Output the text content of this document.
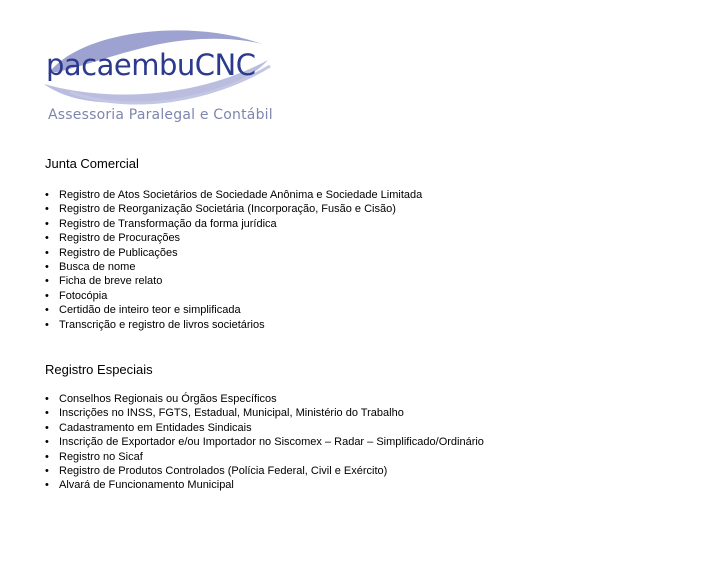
pacaembuCNC
Assessoria Paralegal e Contábil
Junta Comercial
• Registro de Atos Societários de Sociedade Anônima e Sociedade Limitada
• Registro de Reorganização Societária (Incorporação, Fusão e Cisão)
• Registro de Transformação da forma jurídica
• Registro de Procurações
• Registro de Publicações
• Busca de nome
• Ficha de breve relato
• Fotocópia
• Certidão de inteiro teor e simplificada
• Transcrição e registro de livros societários
Registro Especiais
• Conselhos Regionais ou Órgãos Específicos
• Inscrições no INSS, FGTS, Estadual, Municipal, Ministério do Trabalho
• Cadastramento em Entidades Sindicais
• Inscrição de Exportador e/ou Importador no Siscomex – Radar – Simplificado/Ordinário
• Registro no Sicaf
• Registro de Produtos Controlados (Polícia Federal, Civil e Exército)
• Alvará de Funcionamento Municipal
